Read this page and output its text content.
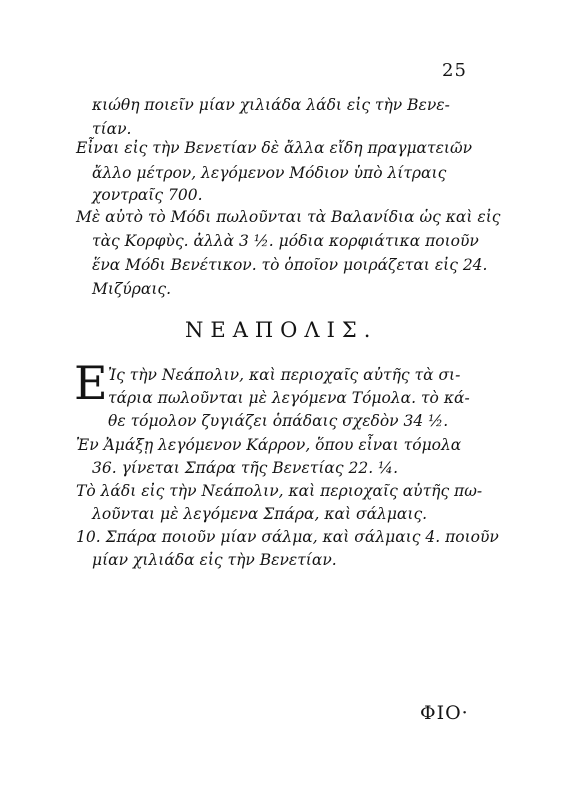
25
κιώθη ποιεῖν μίαν χιλιάδα λάδι εἰς τὴν Βενε-
τίαν.
Εἶναι εἰς τὴν Βενετίαν δὲ ἄλλα εἴδη πραγματειῶν
ἄλλο μέτρον, λεγόμενον Μόδιον ὑπὸ λίτραις
χοντραῖς 700.
Μὲ αὐτὸ τὸ Μόδι πωλοῦνται τὰ Βαλανίδια ὡς καὶ εἰς
τὰς Κορφὺς. ἀλλὰ 3 ½. μόδια κορφιάτικα ποιοῦν
ἕνα Μόδι Βενέτικον. τὸ ὁποῖον μοιράζεται εἰς 24.
Μιζύραις.
ΝΕΑΠΟΛΙΣ.
Ε Ἰς τὴν Νεάπολιν, καὶ περιοχαῖς αὐτῆς τὰ σι-
τάρια πωλοῦνται μὲ λεγόμενα Τόμολα. τὸ κά-
θε τόμολον ζυγιάζει ὁπάδαις σχεδὸν 34 ½.
Ἐν Ἀμάξῃ λεγόμενον Κάρρον, ὅπου εἶναι τόμολα
36. γίνεται Σπάρα τῆς Βενετίας 22. ¼.
Τὸ λάδι εἰς τὴν Νεάπολιν, καὶ περιοχαῖς αὐτῆς πω-
λοῦνται μὲ λεγόμενα Σπάρα, καὶ σάλμαις.
10. Σπάρα ποιοῦν μίαν σάλμα, καὶ σάλμαις 4. ποιοῦν
μίαν χιλιάδα εἰς τὴν Βενετίαν.
ΦΙΟ·
